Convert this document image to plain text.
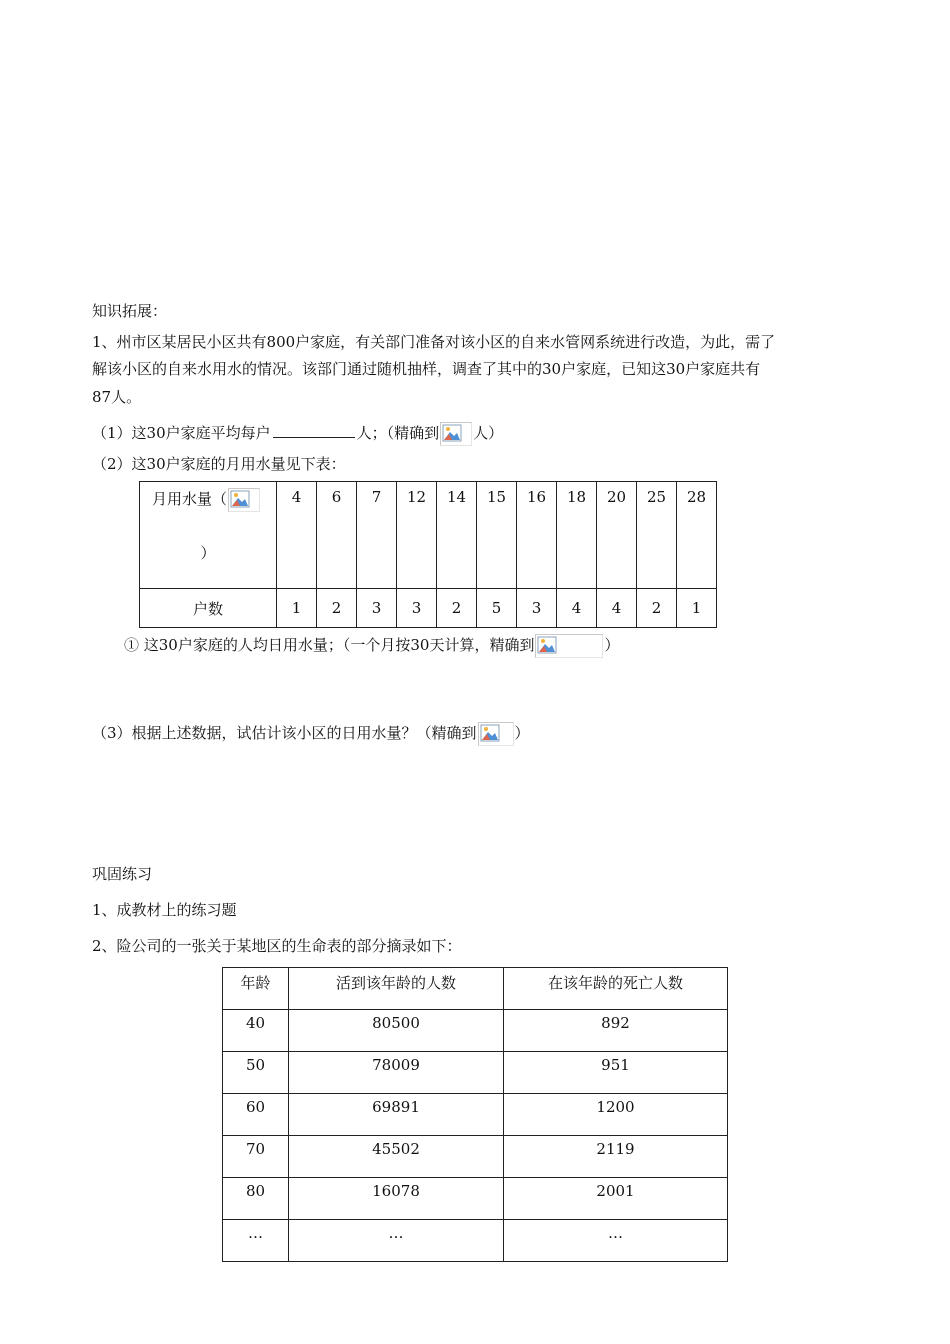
知识拓展：
1、州市区某居民小区共有800户家庭，有关部门准备对该小区的自来水管网系统进行改造，为此，需了
解该小区的自来水用水的情况。该部门通过随机抽样，调查了其中的30户家庭，已知这30户家庭共有
87人。
（1）这30户家庭平均每户	人；（精确到 人）
（2）这30户家庭的月用水量见下表：
月用水量（
）	4	6	7	12	14	15	16	18	20	25	28
户数	1	2	3	3	2	5	3	4	4	2	1
① 这30户家庭的人均日用水量；（一个月按30天计算，精确到	）
（3）根据上述数据，试估计该小区的日用水量？（精确到	）
巩固练习
1、成教材上的练习题
2、险公司的一张关于某地区的生命表的部分摘录如下：
年龄	活到该年龄的人数	在该年龄的死亡人数
40	80500	892
50	78009	951
60	69891	1200
70	45502	2119
80	16078	2001
…	…	…
